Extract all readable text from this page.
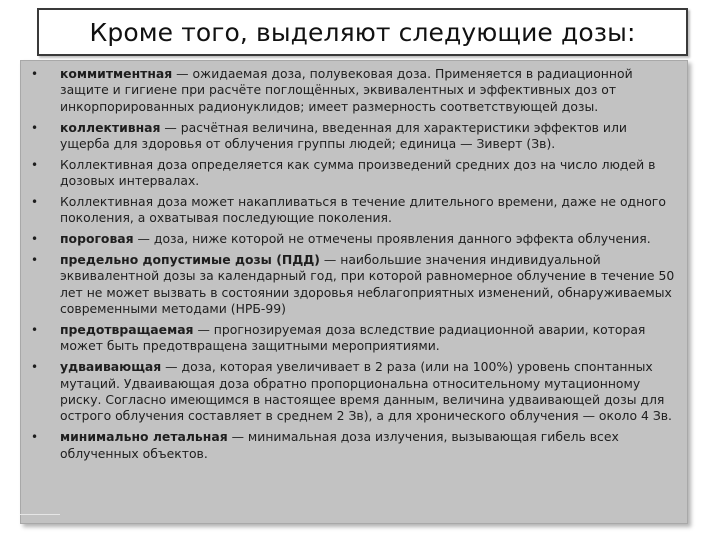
Кроме того, выделяют следующие дозы:
• коммитментная — ожидаемая доза, полувековая доза. Применяется в радиационной защите и гигиене при расчёте поглощённых, эквивалентных и эффективных доз от инкорпорированных радионуклидов; имеет размерность соответствующей дозы.
• коллективная — расчётная величина, введенная для характеристики эффектов или ущерба для здоровья от облучения группы людей; единица — Зиверт (Зв).
• Коллективная доза определяется как сумма произведений средних доз на число людей в дозовых интервалах.
• Коллективная доза может накапливаться в течение длительного времени, даже не одного поколения, а охватывая последующие поколения.
• пороговая — доза, ниже которой не отмечены проявления данного эффекта облучения.
• предельно допустимые дозы (ПДД) — наибольшие значения индивидуальной эквивалентной дозы за календарный год, при которой равномерное облучение в течение 50 лет не может вызвать в состоянии здоровья неблагоприятных изменений, обнаруживаемых современными методами (НРБ-99)
• предотвращаемая — прогнозируемая доза вследствие радиационной аварии, которая может быть предотвращена защитными мероприятиями.
• удваивающая — доза, которая увеличивает в 2 раза (или на 100%) уровень спонтанных мутаций. Удваивающая доза обратно пропорциональна относительному мутационному риску. Согласно имеющимся в настоящее время данным, величина удваивающей дозы для острого облучения составляет в среднем 2 Зв), а для хронического облучения — около 4 Зв.
• минимально летальная — минимальная доза излучения, вызывающая гибель всех облученных объектов.
